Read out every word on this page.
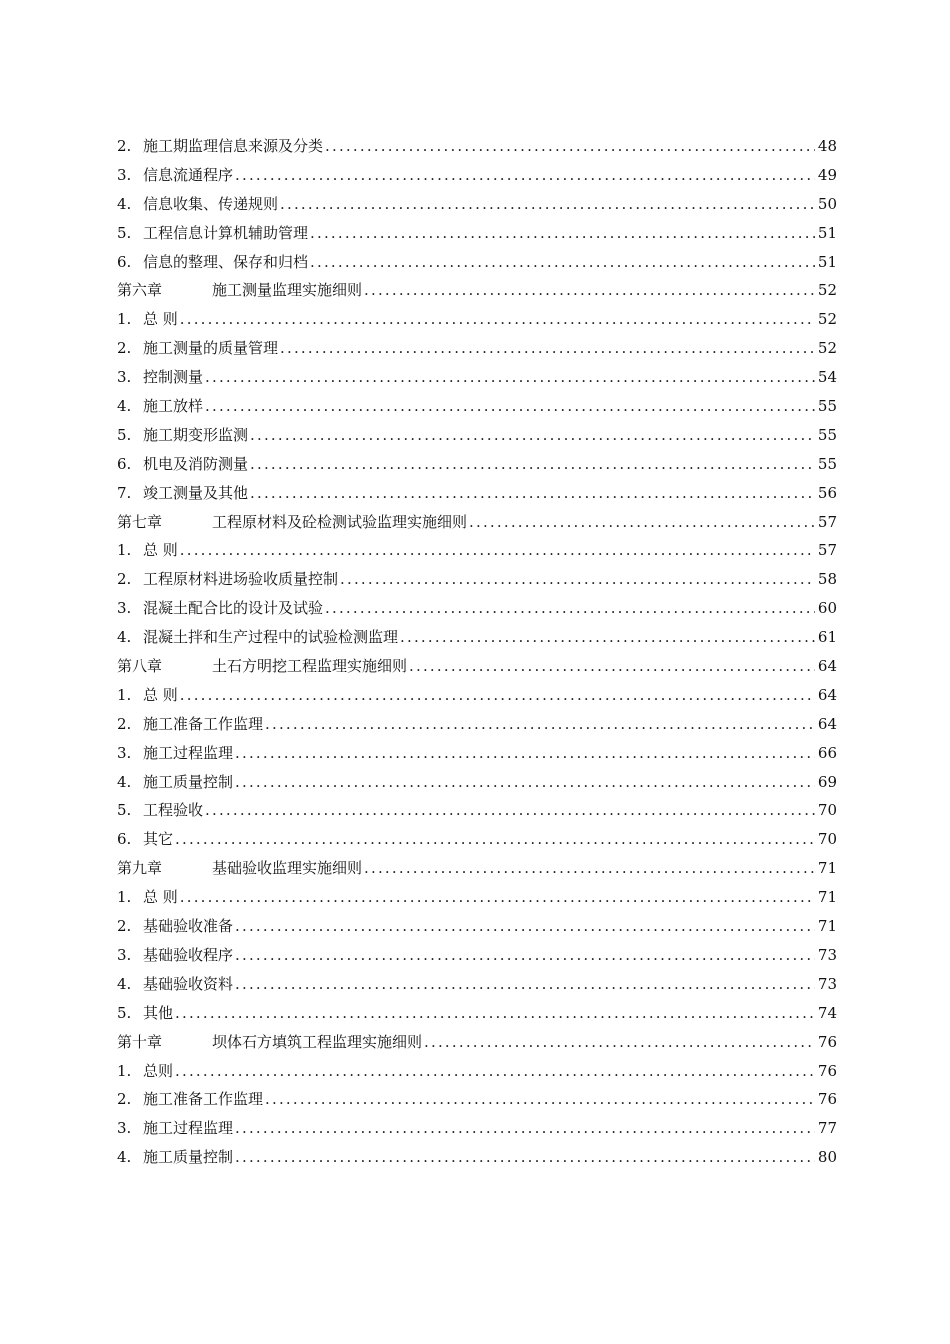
2. 施工期监理信息来源及分类 .....	48
3. 信息流通程序 .....	49
4. 信息收集、传递规则 .....	50
5. 工程信息计算机辅助管理 .....	51
6. 信息的整理、保存和归档 .....	51
第六章	施工测量监理实施细则 .....	52
1. 总 则 .....	52
2. 施工测量的质量管理 .....	52
3. 控制测量 .....	54
4. 施工放样 .....	55
5. 施工期变形监测 .....	55
6. 机电及消防测量 .....	55
7. 竣工测量及其他 .....	56
第七章	工程原材料及砼检测试验监理实施细则 .....	57
1. 总 则 .....	57
2. 工程原材料进场验收质量控制 .....	58
3. 混凝土配合比的设计及试验 .....	60
4. 混凝土拌和生产过程中的试验检测监理 .....	61
第八章	土石方明挖工程监理实施细则 .....	64
1. 总 则 .....	64
2. 施工准备工作监理 .....	64
3. 施工过程监理 .....	66
4. 施工质量控制 .....	69
5. 工程验收 .....	70
6. 其它 .....	70
第九章	基础验收监理实施细则 .....	71
1. 总 则 .....	71
2. 基础验收准备 .....	71
3. 基础验收程序 .....	73
4. 基础验收资料 .....	73
5. 其他 .....	74
第十章	坝体石方填筑工程监理实施细则 .....	76
1. 总则 .....	76
2. 施工准备工作监理 .....	76
3. 施工过程监理 .....	77
4. 施工质量控制 .....	80
